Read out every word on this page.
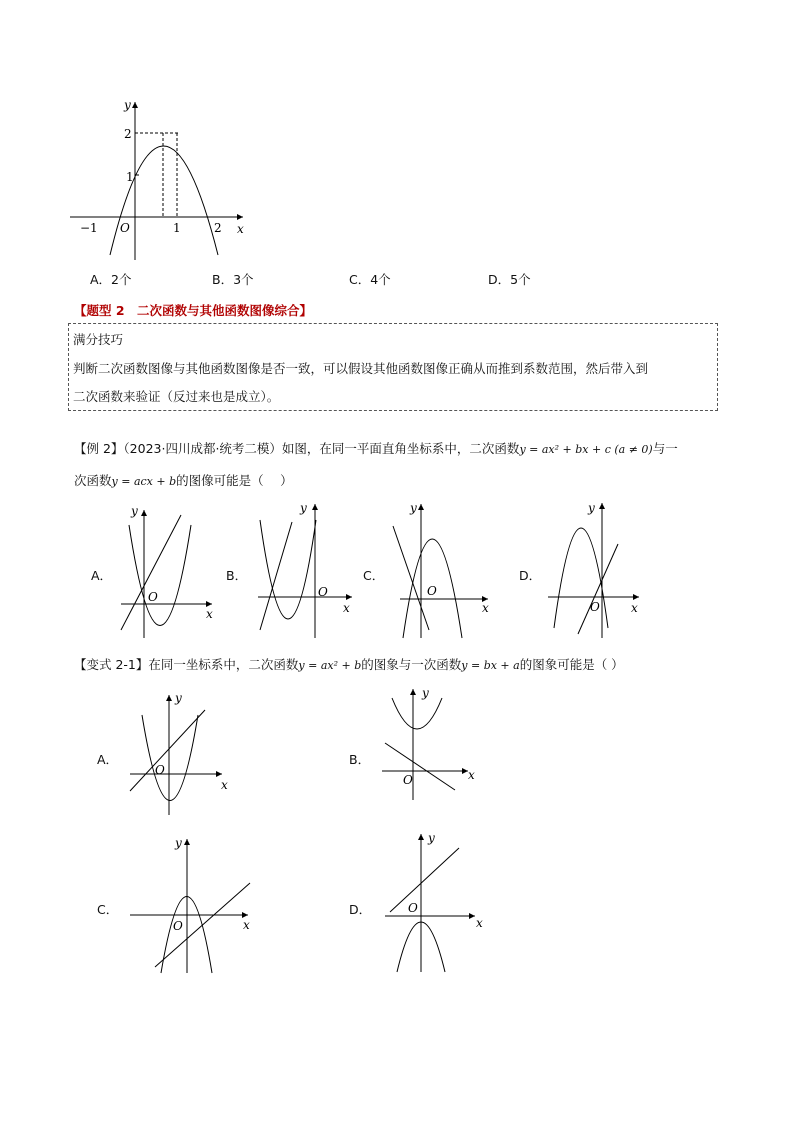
y
x
O
−1	1	2
2
1
A．2个	B．3个	C．4个	D．5个
【题型 2　二次函数与其他函数图像综合】
满分技巧
判断二次函数图像与其他函数图像是否一致，可以假设其他函数图像正确从而推到系数范围，然后带入到
二次函数来验证（反过来也是成立）。
【例 2】（2023·四川成都·统考二模）如图，在同一平面直角坐标系中，二次函数y = ax² + bx + c (a ≠ 0)与一
次函数y = acx + b的图像可能是（　 ）
A．	B．	C．	D．
y
x
O
y
x
O
y
x
O
y
x
O
【变式 2-1】在同一坐标系中，二次函数y = ax² + b的图象与一次函数y = bx + a的图象可能是（ ）
A．	B．
C．	D．
y
x
O
y
x
O
y
x
O
y
x
O
